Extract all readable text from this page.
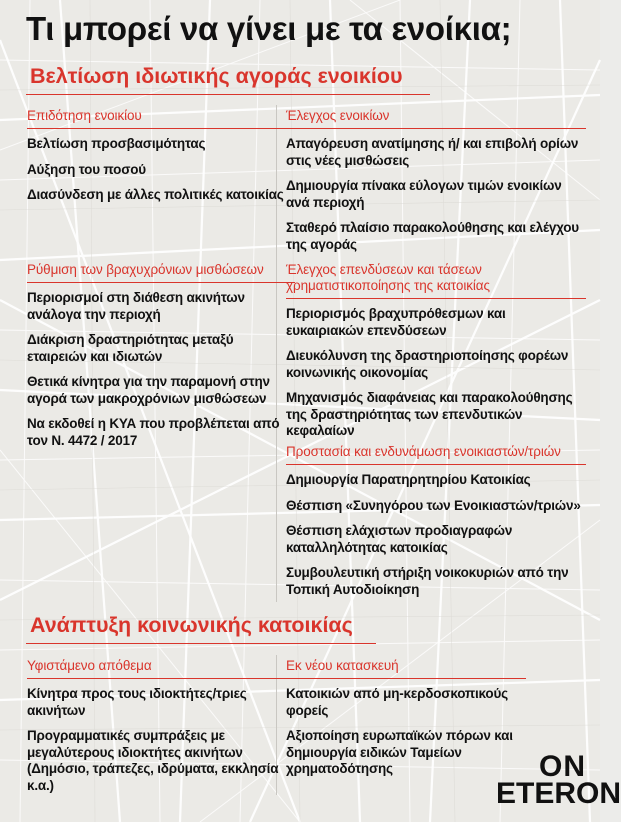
Τι μπορεί να γίνει με τα ενοίκια;
Βελτίωση ιδιωτικής αγοράς ενοικίου
Επιδότηση ενοικίου
Βελτίωση προσβασιμότητας
Αύξηση του ποσού
Διασύνδεση με άλλες πολιτικές κατοικίας
Ρύθμιση των βραχυχρόνιων μισθώσεων
Περιορισμοί στη διάθεση ακινήτων ανάλογα την περιοχή
Διάκριση δραστηριότητας μεταξύ εταιρειών και ιδιωτών
Θετικά κίνητρα για την παραμονή στην αγορά των μακροχρόνιων μισθώσεων
Να εκδοθεί η ΚΥΑ που προβλέπεται από τον Ν. 4472 / 2017
Έλεγχος ενοικίων
Απαγόρευση ανατίμησης ή/ και επιβολή ορίων στις νέες μισθώσεις
Δημιουργία πίνακα εύλογων τιμών ενοικίων ανά περιοχή
Σταθερό πλαίσιο παρακολούθησης και ελέγχου της αγοράς
Έλεγχος επενδύσεων και τάσεων χρηματιστικοποίησης της κατοικίας
Περιορισμός βραχυπρόθεσμων και ευκαιριακών επενδύσεων
Διευκόλυνση της δραστηριοποίησης φορέων κοινωνικής οικονομίας
Μηχανισμός διαφάνειας και παρακολούθησης της δραστηριότητας των επενδυτικών κεφαλαίων
Προστασία και ενδυνάμωση ενοικιαστών/τριών
Δημιουργία Παρατηρητηρίου Κατοικίας
Θέσπιση «Συνηγόρου των Ενοικιαστών/τριών»
Θέσπιση ελάχιστων προδιαγραφών καταλληλότητας κατοικίας
Συμβουλευτική στήριξη νοικοκυριών από την Τοπική Αυτοδιοίκηση
Ανάπτυξη κοινωνικής κατοικίας
Υφιστάμενο απόθεμα
Κίνητρα προς τους ιδιοκτήτες/τριες ακινήτων
Προγραμματικές συμπράξεις με μεγαλύτερους ιδιοκτήτες ακινήτων (Δημόσιο, τράπεζες, ιδρύματα, εκκλησία κ.α.)
Εκ νέου κατασκευή
Κατοικιών από μη-κερδοσκοπικούς φορείς
Αξιοποίηση ευρωπαϊκών πόρων και δημιουργία ειδικών Ταμείων χρηματοδότησης	ON
ETERON
